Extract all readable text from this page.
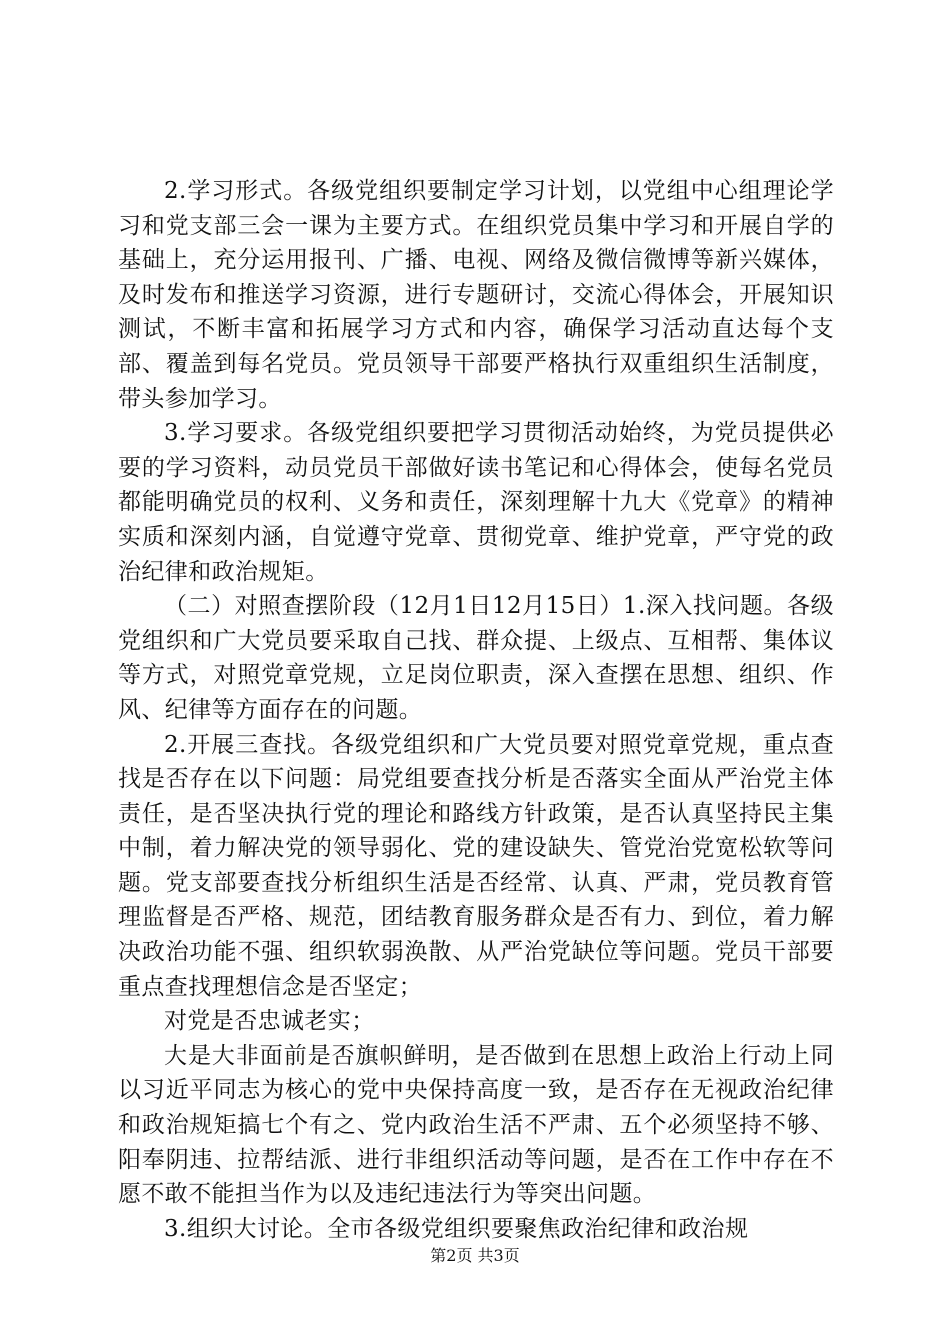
2.学习形式。各级党组织要制定学习计划，以党组中心组理论学习和党支部三会一课为主要方式。在组织党员集中学习和开展自学的基础上，充分运用报刊、广播、电视、网络及微信微博等新兴媒体，及时发布和推送学习资源，进行专题研讨，交流心得体会，开展知识测试，不断丰富和拓展学习方式和内容，确保学习活动直达每个支部、覆盖到每名党员。党员领导干部要严格执行双重组织生活制度，带头参加学习。

3.学习要求。各级党组织要把学习贯彻活动始终，为党员提供必要的学习资料，动员党员干部做好读书笔记和心得体会，使每名党员都能明确党员的权利、义务和责任，深刻理解十九大《党章》的精神实质和深刻内涵，自觉遵守党章、贯彻党章、维护党章，严守党的政治纪律和政治规矩。

（二）对照查摆阶段（12月1日12月15日）1.深入找问题。各级党组织和广大党员要采取自己找、群众提、上级点、互相帮、集体议等方式，对照党章党规，立足岗位职责，深入查摆在思想、组织、作风、纪律等方面存在的问题。

2.开展三查找。各级党组织和广大党员要对照党章党规，重点查找是否存在以下问题：局党组要查找分析是否落实全面从严治党主体责任，是否坚决执行党的理论和路线方针政策，是否认真坚持民主集中制，着力解决党的领导弱化、党的建设缺失、管党治党宽松软等问题。党支部要查找分析组织生活是否经常、认真、严肃，党员教育管理监督是否严格、规范，团结教育服务群众是否有力、到位，着力解决政治功能不强、组织软弱涣散、从严治党缺位等问题。党员干部要重点查找理想信念是否坚定；

对党是否忠诚老实；

大是大非面前是否旗帜鲜明，是否做到在思想上政治上行动上同以习近平同志为核心的党中央保持高度一致，是否存在无视政治纪律和政治规矩搞七个有之、党内政治生活不严肃、五个必须坚持不够、阳奉阴违、拉帮结派、进行非组织活动等问题，是否在工作中存在不愿不敢不能担当作为以及违纪违法行为等突出问题。

3.组织大讨论。全市各级党组织要聚焦政治纪律和政治规

第2页 共3页
